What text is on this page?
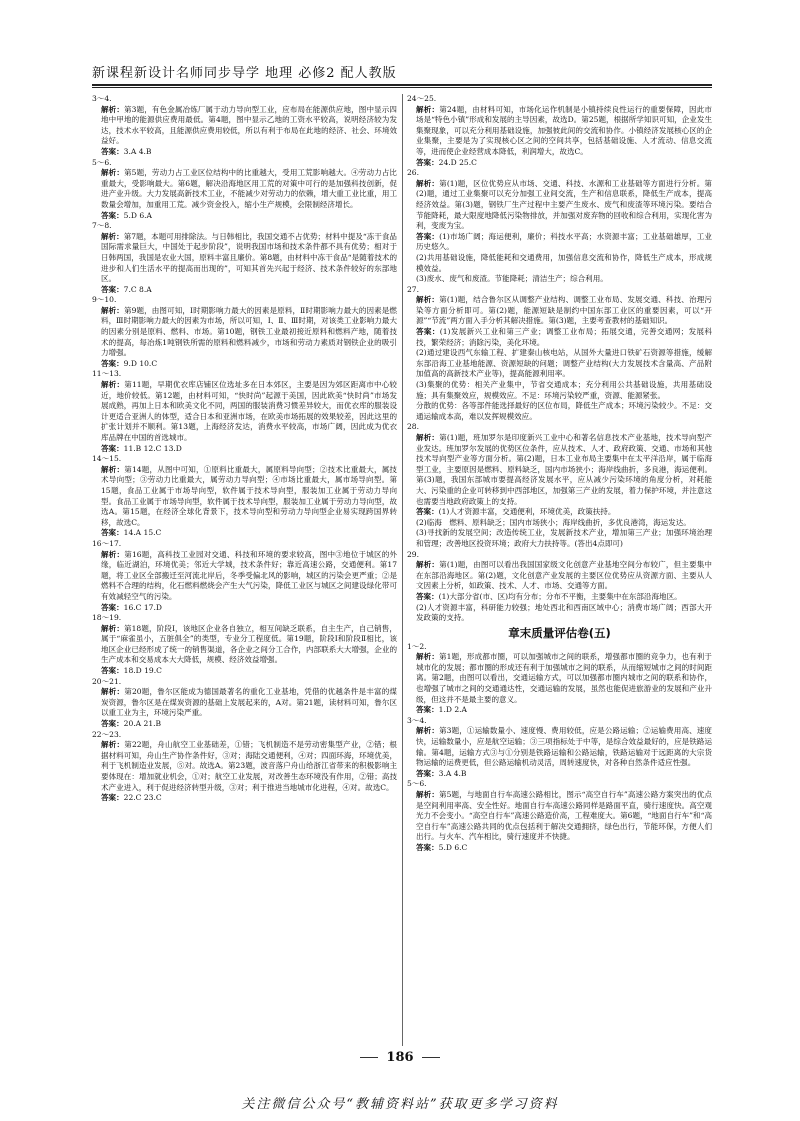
新课程新设计名师同步导学 地理 必修2 配人教版
3～4.
解析：第3题，有色金属冶炼厂属于动力导向型工业，应布局在能源供应地，图中显示四地中甲地的能源供应费用最低。第4题，图中显示乙地的工资水平较高，说明经济较为发达，技术水平较高，且能源供应费用较低，所以有利于布局在此地的经济、社会、环境效益好。
答案：3.A 4.B
5～6.
解析：第5题，劳动力占工业区位结构中的比重越大，受用工荒影响越大。④劳动力占比重最大，受影响最大。第6题，解决沿海地区用工荒的对策中可行的是加强科技创新，促进产业升级。大力发展高新技术工业，不能减少对劳动力的依赖，增大重工业比重，用工数量会增加，加重用工荒。减少资金投入，缩小生产规模，会限制经济增长。
答案：5.D 6.A
7～8.
解析：第7题，本题可用排除法。与日韩相比，我国交通不占优势；材料中提及“冻干食品国际需求量巨大，中国处于起步阶段”，说明我国市场和技术条件都不具有优势；相对于日韩两国，我国是农业大国，原料丰富且廉价。第8题，由材料中冻干食品“是随着技术的进步和人们生活水平的提高而出现的”，可知其首先兴起于经济、技术条件较好的东部地区。
答案：7.C 8.A
9～10.
解析：第9题，由图可知，Ⅰ时期影响力最大的因素是原料，Ⅱ时期影响力最大的因素是燃料，Ⅲ时期影响力最大的因素为市场，所以可知，Ⅰ、Ⅱ、Ⅲ时期，对该类工业影响力最大的因素分别是原料、燃料、市场。第10题，钢铁工业最初接近原料和燃料产地，随着技术的提高，每冶炼1吨钢铁所需的原料和燃料减少，市场和劳动力素质对钢铁企业的吸引力增强。
答案：9.D 10.C
11～13.
解析：第11题，早期优衣库店铺区位选址多在日本郊区，主要是因为郊区距离市中心较近，地价较低。第12题，由材料可知，“快时尚”起源于美国，因此欧美“快时尚”市场发展成熟，再加上日本和欧美文化不同，两国的服装消费习惯差异较大，而优衣库的服装设计更适合亚洲人的体型，适合日本和亚洲市场，在欧美市场拓展的效果较差，因此这里的扩张计划并不顺利。第13题，上海经济发达，消费水平较高，市场广阔，因此成为优衣库品牌在中国的首选城市。
答案：11.B 12.C 13.D
14～15.
解析：第14题，从图中可知，①原料比重最大，属原料导向型；②技术比重最大，属技术导向型；③劳动力比重最大，属劳动力导向型；④市场比重最大，属市场导向型。第15题，食品工业属于市场导向型，软件属于技术导向型，服装加工业属于劳动力导向型。食品工业属于市场导向型，软件属于技术导向型，服装加工业属于劳动力导向型，故选A。第15题，在经济全球化背景下，技术导向型和劳动力导向型企业易实现跨国界转移，故选C。
答案：14.A 15.C
16～17.
解析：第16题，高科技工业园对交通、科技和环境的要求较高，图中③地位于城区的外缘，临近湖泊，环境优美；邻近大学城，技术条件好；靠近高速公路，交通便利。第17题，将工业区全部搬迁至河流北岸后，冬季受偏北风的影响，城区的污染会更严重；②是燃料不合理的结构，化石燃料燃烧会产生大气污染，降低工业区与城区之间建设绿化带可有效减轻空气的污染。
答案：16.C 17.D
18～19.
解析：第18题，阶段Ⅰ，该地区企业各自独立，相互间缺乏联系，自主生产，自己销售，属于“麻雀虽小，五脏俱全”的类型，专业分工程度低。第19题，阶段Ⅰ和阶段Ⅱ相比，该地区企业已经形成了统一的销售渠道，各企业之间分工合作，内部联系大大增强，企业的生产成本和交易成本大大降低，规模、经济效益增强。
答案：18.D 19.C
20～21.
解析：第20题，鲁尔区能成为德国最著名的重化工业基地，凭借的优越条件是丰富的煤炭资源，鲁尔区是在煤炭资源的基础上发展起来的，A对。第21题，读材料可知，鲁尔区以重工业为主，环境污染严重。
答案：20.A 21.B
22～23.
解析：第22题，舟山航空工业基础差，①错；飞机制造不是劳动密集型产业，②错；根据材料可知，舟山生产协作条件好，③对；海陆交通便利，④对；四面环海，环境优美，利于飞机制造业发展，⑤对。故选A。第23题，波音落户舟山给浙江省带来的积极影响主要体现在：增加就业机会，①对；航空工业发展，对改善生态环境没有作用，②错；高技术产业进入，利于促进经济转型升级，③对；利于推进当地城市化进程，④对。故选C。
答案：22.C 23.C
24～25.
解析：第24题，由材料可知，市场化运作机制是小镇持续良性运行的重要保障，因此市场是“特色小镇”形成和发展的主导因素，故选D。第25题，根据所学知识可知，企业发生集聚现象，可以充分利用基础设施，加强彼此间的交流和协作。小镇经济发展核心区的企业集聚，主要是为了实现核心区之间的空间共享，包括基础设施、人才流动、信息交流等，进而使企业经营成本降低，利润增大，故选C。
答案：24.D 25.C
26.
解析：第(1)题，区位优势应从市场、交通、科技、水源和工业基础等方面进行分析。第(2)题，通过工业集聚可以充分加强工业间交流，生产和信息联系，降低生产成本，提高经济效益。第(3)题，钢铁厂生产过程中主要产生废水、废气和废渣等环境污染。要结合节能降耗，最大限度地降低污染物排放，并加强对废弃物的回收和综合利用，实现化害为利，变废为宝。
答案：(1)市场广阔；海运便利，廉价；科技水平高；水资源丰富；工业基础雄厚，工业历史悠久。
(2)共用基础设施，降低能耗和交通费用，加强信息交流和协作，降低生产成本，形成规模效益。
(3)废水、废气和废渣。节能降耗；清洁生产；综合利用。
27.
解析：第(1)题，结合鲁尔区从调整产业结构、调整工业布局、发展交通、科技、治理污染等方面分析即可。第(2)题，能源短缺是制约中国东部工业区的重要因素，可以“开源”“节流”两方面入手分析其解决措施。第(3)题，主要考查教材的基础知识。
答案：(1)发展新兴工业和第三产业；调整工业布局；拓展交通，完善交通网；发展科技，繁荣经济；消除污染，美化环境。
(2)通过建设西气东输工程、扩建秦山核电站，从国外大量进口铁矿石资源等措施，缓解东部沿海工业基地能源、资源短缺的问题；调整产业结构(大力发展技术含量高、产品附加值高的高新技术产业等)，提高能源利用率。
(3)集聚的优势：相关产业集中，节省交通成本；充分利用公共基础设施，共用基础设施；具有集聚效应，规模效应。不足：环境污染较严重，资源、能源紧张。
分散的优势：各等部件能选择最好的区位布局，降低生产成本；环境污染较少。不足：交通运输成本高，难以发挥规模效应。
28.
解析：第(1)题，班加罗尔是印度新兴工业中心和著名信息技术产业基地，技术导向型产业发达。班加罗尔发展的优势区位条件，应从技术、人才、政府政策、交通、市场和其他技术导向型产业等方面分析。第(2)题，日本工业布局主要集中在太平洋沿岸，属于临海型工业，主要原因是燃料、原料缺乏，国内市场狭小；海岸线曲折，多良港，海运便利。第(3)题，我国东部城市要提高经济发展水平，应从减少污染环境的角度分析，对耗能大、污染重的企业可转移到中西部地区，加强第三产业的发展，着力保护环境，并注意这也需要当地政府政策上的支持。
答案：(1)人才资源丰富，交通便利，环境优美，政策扶持。
(2)临海　燃料、原料缺乏；国内市场狭小；海岸线曲折，多优良港湾，海运发达。
(3)寻找新的发展空间；改造传统工业，发展新技术产业，增加第三产业；加强环境治理和管理；改善地区投资环境；政府大力扶持等。(答出4点即可)
29.
解析：第(1)题，由图可以看出我国国家级文化创意产业基地空间分布较广，但主要集中在东部沿海地区。第(2)题，文化创意产业发展的主要区位优势应从资源方面、主要从人文因素上分析，如政策、技术、人才、市场、交通等方面。
答案：(1)大部分省(市、区)均有分布；分布不平衡，主要集中在东部沿海地区。
(2)人才资源丰富，科研能力较强；地处西北和西南区域中心；消费市场广阔；西部大开发政策的支持。
章末质量评估卷(五)
1～2.
解析：第1题，形成都市圈，可以加强城市之间的联系，增强都市圈的竞争力，也有利于城市化的发展；都市圈的形成还有利于加强城市之间的联系，从而缩短城市之间的时间距离。第2题，由图可以看出，交通运输方式，可以加强都市圈内城市之间的联系和协作，也增强了城市之间的交通通达性，交通运输的发展，虽然也能促进旅游业的发展和产业升级，但这并不是最主要的意义。
答案：1.D 2.A
3～4.
解析：第3题，①运输数量小、速度慢、费用较低，应是公路运输；②运输费用高、速度快，运输数量小，应是航空运输；③三项指标处于中等，是综合效益最好的，应是铁路运输。第4题，运输方式③与①分别是铁路运输和公路运输，铁路运输对于远距离的大宗货物运输的运费更低，但公路运输机动灵活，周转速度快，对各种自然条件适应性强。
答案：3.A 4.B
5～6.
解析：第5题，与地面自行车高速公路相比，图示“高空自行车”高速公路方案突出的优点是空间利用率高、安全性好。地面自行车高速公路同样是路面平直，骑行速度快。高空观光力不会变小。“高空自行车”高速公路造价高，工程难度大。第6题，“地面自行车”和“高空自行车”高速公路共同的优点包括利于解决交通拥挤，绿色出行，节能环保，方便人们出行。与火车、汽车相比，骑行速度并不快捷。
答案：5.D 6.C
186
关注微信公众号“教辅资料站”获取更多学习资料
